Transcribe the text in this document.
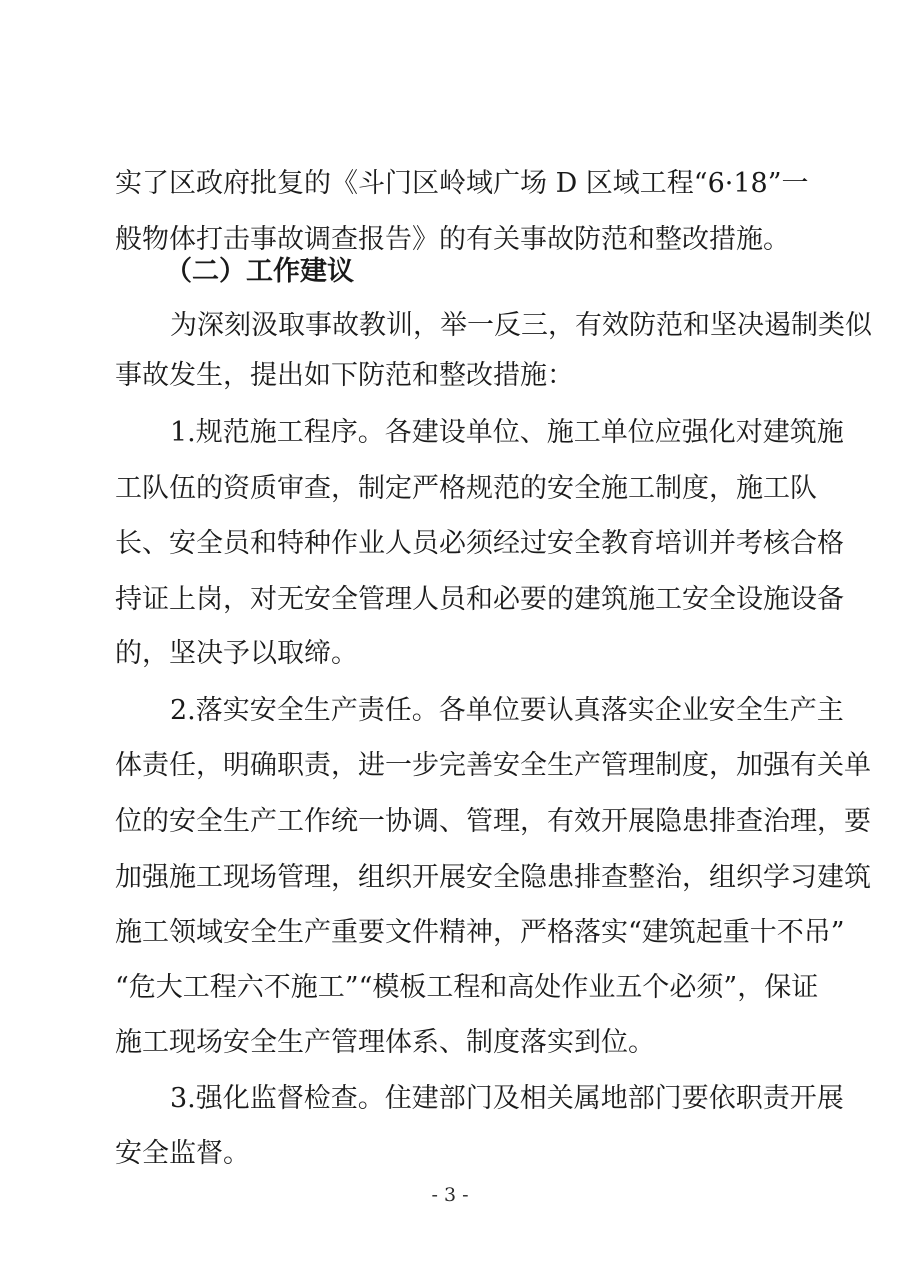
实了区政府批复的《斗门区岭域广场 D 区域工程“6·18”一
般物体打击事故调查报告》的有关事故防范和整改措施。
（二）工作建议
为深刻汲取事故教训，举一反三，有效防范和坚决遏制类似
事故发生，提出如下防范和整改措施：
1.规范施工程序。各建设单位、施工单位应强化对建筑施
工队伍的资质审查，制定严格规范的安全施工制度，施工队
长、安全员和特种作业人员必须经过安全教育培训并考核合格
持证上岗，对无安全管理人员和必要的建筑施工安全设施设备
的，坚决予以取缔。
2.落实安全生产责任。各单位要认真落实企业安全生产主
体责任，明确职责，进一步完善安全生产管理制度，加强有关单
位的安全生产工作统一协调、管理，有效开展隐患排查治理，要
加强施工现场管理，组织开展安全隐患排查整治，组织学习建筑
施工领域安全生产重要文件精神，严格落实“建筑起重十不吊”
“危大工程六不施工”“模板工程和高处作业五个必须”，保证
施工现场安全生产管理体系、制度落实到位。
3.强化监督检查。住建部门及相关属地部门要依职责开展
安全监督。
- 3 -
